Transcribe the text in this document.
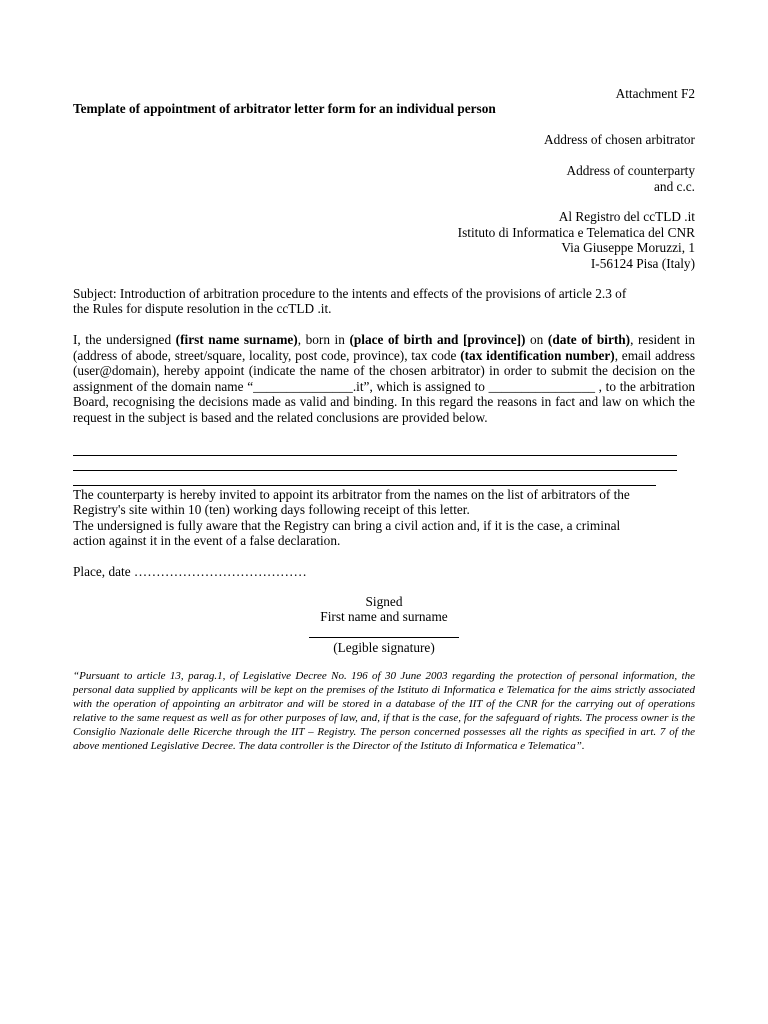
Attachment F2
Template of appointment of arbitrator letter form for an individual person
Address of chosen arbitrator
Address of counterparty
and c.c.
Al Registro del ccTLD .it
Istituto di Informatica e Telematica del CNR
Via Giuseppe Moruzzi, 1
I-56124 Pisa (Italy)
Subject: Introduction of arbitration procedure to the intents and effects of the provisions of article 2.3 of
the Rules for dispute resolution in the ccTLD .it.
I, the undersigned (first name surname), born in (place of birth and [province]) on (date of birth), resident in (address of abode, street/square, locality, post code, province), tax code (tax identification number), email address (user@domain), hereby appoint (indicate the name of the chosen arbitrator) in order to submit the decision on the assignment of the domain name “_______________.it”, which is assigned to ________________ , to the arbitration Board, recognising the decisions made as valid and binding. In this regard the reasons in fact and law on which the request in the subject is based and the related conclusions are provided below.
The counterparty is hereby invited to appoint its arbitrator from the names on the list of arbitrators of the
Registry's site within 10 (ten) working days following receipt of this letter.
The undersigned is fully aware that the Registry can bring a civil action and, if it is the case, a criminal
action against it in the event of a false declaration.
Place, date …………………………………
Signed
First name and surname
(Legible signature)
“Pursuant to article 13, parag.1, of Legislative Decree No. 196 of 30 June 2003 regarding the protection of personal information, the personal data supplied by applicants will be kept on the premises of the Istituto di Informatica e Telematica for the aims strictly associated with the operation of appointing an arbitrator and will be stored in a database of the IIT of the CNR for the carrying out of operations relative to the same request as well as for other purposes of law, and, if that is the case, for the safeguard of rights. The process owner is the Consiglio Nazionale delle Ricerche through the IIT – Registry. The person concerned possesses all the rights as specified in art. 7 of the above mentioned Legislative Decree. The data controller is the Director of the Istituto di Informatica e Telematica”.
